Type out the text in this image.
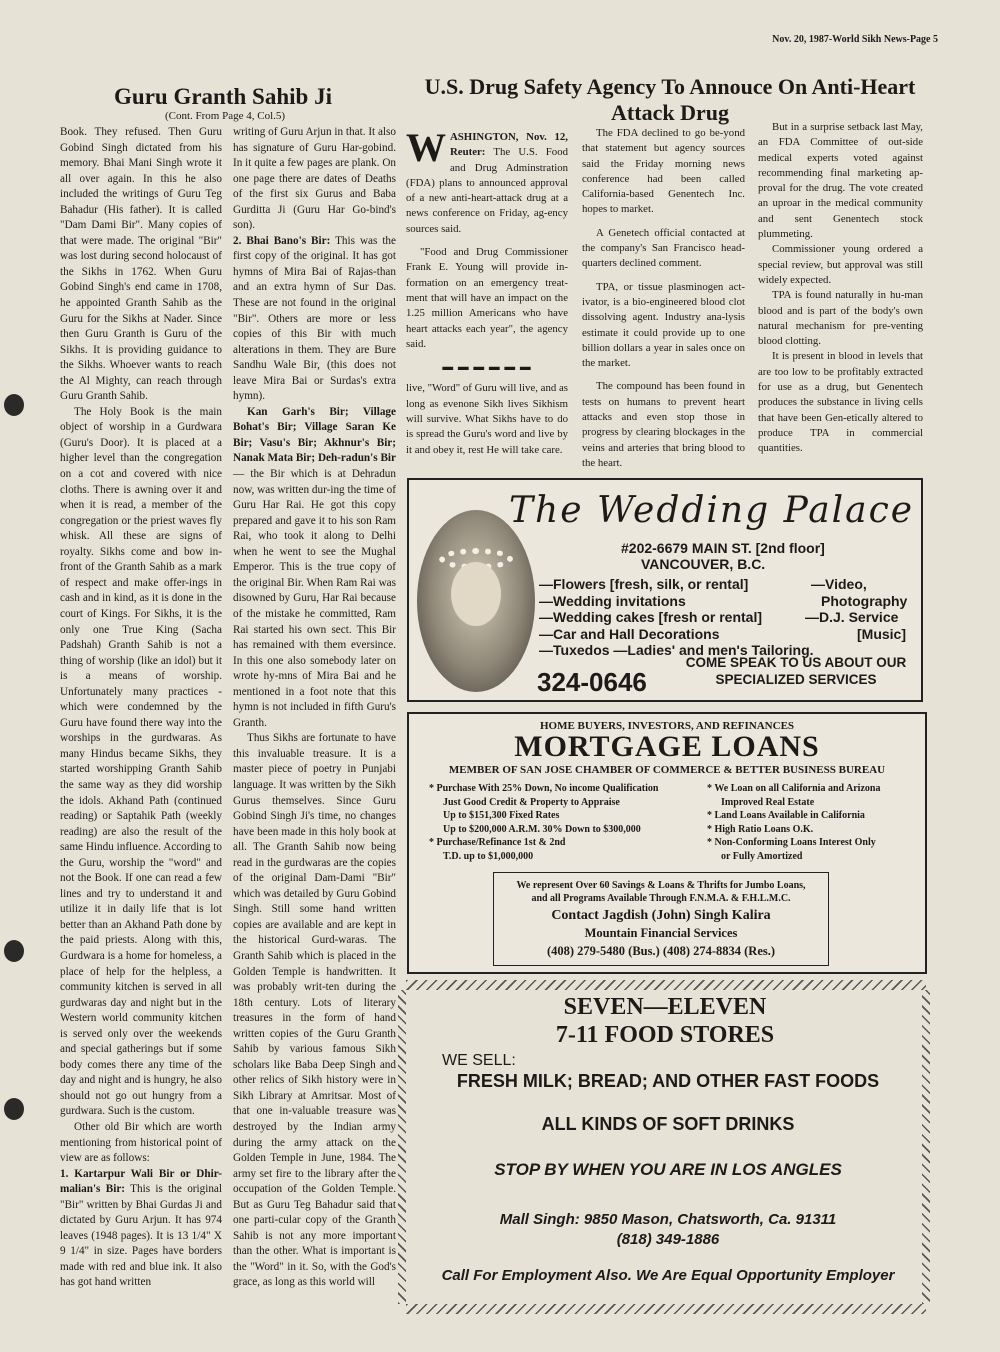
Nov. 20, 1987-World Sikh News-Page 5
Guru Granth Sahib Ji
(Cont. From Page 4, Col.5)

Book. They refused. Then Guru Gobind Singh dictated from his memory. Bhai Mani Singh wrote it all over again. In this he also included the writings of Guru Teg Bahadur (His father). It is called "Dam Dami Bir". Many copies of that were made. The original "Bir" was lost during second holocaust of the Sikhs in 1762. When Guru Gobind Singh's end came in 1708, he appointed Granth Sahib as the Guru for the Sikhs at Nader. Since then Guru Granth is Guru of the Sikhs. It is providing guidance to the Sikhs. Whoever wants to reach the Al Mighty, can reach through Guru Granth Sahib.

The Holy Book is the main object of worship in a Gurdwara (Guru's Door). It is placed at a higher level than the congregation on a cot and covered with nice cloths. There is awning over it and when it is read, a member of the congregation or the priest waves fly whisk. All these are signs of royalty. Sikhs come and bow in-front of the Granth Sahib as a mark of respect and make offer-ings in cash and in kind, as it is done in the court of Kings. For Sikhs, it is the only one True King (Sacha Padshah) Granth Sahib is not a thing of worship (like an idol) but it is a means of worship. Unfortunately many practices - which were condemned by the Guru have found there way into the worships in the gurdwaras. As many Hindus became Sikhs, they started worshipping Granth Sahib the same way as they did worship the idols. Akhand Path (continued reading) or Saptahik Path (weekly reading) are also the result of the same Hindu influence. According to the Guru, worship the "word" and not the Book. If one can read a few lines and try to understand it and utilize it in daily life that is lot better than an Akhand Path done by the paid priests. Along with this, Gurdwara is a home for homeless, a place of help for the helpless, a community kitchen is served in all gurdwaras day and night but in the Western world community kitchen is served only over the weekends and special gatherings but if some body comes there any time of the day and night and is hungry, he also should not go out hungry from a gurdwara. Such is the custom.

Other old Bir which are worth mentioning from historical point of view are as follows:

1. Kartarpur Wali Bir or Dhir-malian's Bir: This is the original "Bir" written by Bhai Gurdas Ji and dictated by Guru Arjun. It has 974 leaves (1948 pages). It is 13 1/4" X 9 1/4" in size. Pages have borders made with red and blue ink. It also has got hand written

writing of Guru Arjun in that. It also has signature of Guru Har-gobind. In it quite a few pages are plank. On one page there are dates of Deaths of the first six Gurus and Baba Gurditta Ji (Guru Har Go-bind's son).

2. Bhai Bano's Bir: This was the first copy of the original. It has got hymns of Mira Bai of Rajas-than and an extra hymn of Sur Das. These are not found in the original "Bir". Others are more or less copies of this Bir with much alterations in them. They are Bure Sandhu Wale Bir, (this does not leave Mira Bai or Surdas's extra hymn).

Kan Garh's Bir; Village Bohat's Bir; Village Saran Ke Bir; Vasu's Bir; Akhnur's Bir; Nanak Mata Bir; Deh-radun's Bir — the Bir which is at Dehradun now, was written dur-ing the time of Guru Har Rai. He got this copy prepared and gave it to his son Ram Rai, who took it along to Delhi when he went to see the Mughal Emperor. This is the true copy of the original Bir. When Ram Rai was disowned by Guru, Har Rai because of the mistake he committed, Ram Rai started his own sect. This Bir has remained with them eversince. In this one also somebody later on wrote hy-mns of Mira Bai and he mentioned in a foot note that this hymn is not included in fifth Guru's Granth.

Thus Sikhs are fortunate to have this invaluable treasure. It is a master piece of poetry in Punjabi language. It was written by the Sikh Gurus themselves. Since Guru Gobind Singh Ji's time, no changes have been made in this holy book at all. The Granth Sahib now being read in the gurdwaras are the copies of the original Dam-Dami "Bir" which was detailed by Guru Gobind Singh. Still some hand written copies are available and are kept in the historical Gurd-waras. The Granth Sahib which is placed in the Golden Temple is handwritten. It was probably writ-ten during the 18th century. Lots of literary treasures in the form of hand written copies of the Guru Granth Sahib by various famous Sikh scholars like Baba Deep Singh and other relics of Sikh history were in Sikh Library at Amritsar. Most of that one in-valuable treasure was destroyed by the Indian army during the army attack on the Golden Temple in June, 1984. The army set fire to the library after the occupation of the Golden Temple. But as Guru Teg Bahadur said that one parti-cular copy of the Granth Sahib is not any more important than the other. What is important is the "Word" in it. So, with the God's grace, as long as this world will

U.S. Drug Safety Agency To Annouce On Anti-Heart Attack Drug

WASHINGTON, Nov. 12, Reuter: The U.S. Food and Drug Adminstration (FDA) plans to announced approval of a new anti-heart-attack drug at a news conference on Friday, ag-ency sources said.

"Food and Drug Commissioner Frank E. Young will provide in-formation on an emergency treat-ment that will have an impact on the 1.25 million Americans who have heart attacks each year", the agency said.

▬ ▬ ▬ ▬ ▬ ▬

live, "Word" of Guru will live, and as long as evenone Sikh lives Sikhism will survive. What Sikhs have to do is spread the Guru's word and live by it and obey it, rest He will take care.

The FDA declined to go be-yond that statement but agency sources said the Friday morning news conference had been called California-based Genentech Inc. hopes to market.

A Genetech official contacted at the company's San Francisco head-quarters declined comment.

TPA, or tissue plasminogen act-ivator, is a bio-engineered blood clot dissolving agent. Industry ana-lysis estimate it could provide up to one billion dollars a year in sales once on the market.

The compound has been found in tests on humans to prevent heart attacks and even stop those in progress by clearing blockages in the veins and arteries that bring blood to the heart.

But in a surprise setback last May, an FDA Committee of out-side medical experts voted against recommending final marketing ap-proval for the drug. The vote created an uproar in the medical community and sent Genentech stock plummeting.

Commissioner young ordered a special review, but approval was still widely expected.

TPA is found naturally in hu-man blood and is part of the body's own natural mechanism for pre-venting blood clotting.

It is present in blood in levels that are too low to be profitably extracted for use as a drug, but Genentech produces the substance in living cells that have been Gen-etically altered to produce TPA in commercial quantities.

The Wedding Palace
#202-6679 MAIN ST. [2nd floor]
VANCOUVER, B.C.
—Flowers [fresh, silk, or rental]	—Video,
—Wedding invitations	Photography
—Wedding cakes [fresh or rental]	—D.J. Service
—Car and Hall Decorations	[Music]
—Tuxedos —Ladies' and men's Tailoring.
324-0646
COME SPEAK TO US ABOUT OUR SPECIALIZED SERVICES
HOME BUYERS, INVESTORS, AND REFINANCES
MORTGAGE LOANS
MEMBER OF SAN JOSE CHAMBER OF COMMERCE & BETTER BUSINESS BUREAU
* Purchase With 25% Down, No income Qualification
Just Good Credit & Property to Appraise
Up to $151,300 Fixed Rates
Up to $200,000 A.R.M. 30% Down to $300,000
* Purchase/Refinance 1st & 2nd
T.D. up to $1,000,000
* We Loan on all California and Arizona
Improved Real Estate
* Land Loans Available in California
* High Ratio Loans O.K.
* Non-Conforming Loans Interest Only
or Fully Amortized
We represent Over 60 Savings & Loans & Thrifts for Jumbo Loans,
and all Programs Available Through F.N.M.A. & F.H.L.M.C.
Contact Jagdish (John) Singh Kalira
Mountain Financial Services
(408) 279-5480 (Bus.) (408) 274-8834 (Res.)
SEVEN—ELEVEN
7-11 FOOD STORES
WE SELL:
FRESH MILK; BREAD; AND OTHER FAST FOODS
ALL KINDS OF SOFT DRINKS
STOP BY WHEN YOU ARE IN LOS ANGLES
Mall Singh: 9850 Mason, Chatsworth, Ca. 91311
(818) 349-1886
Call For Employment Also. We Are Equal Opportunity Employer
